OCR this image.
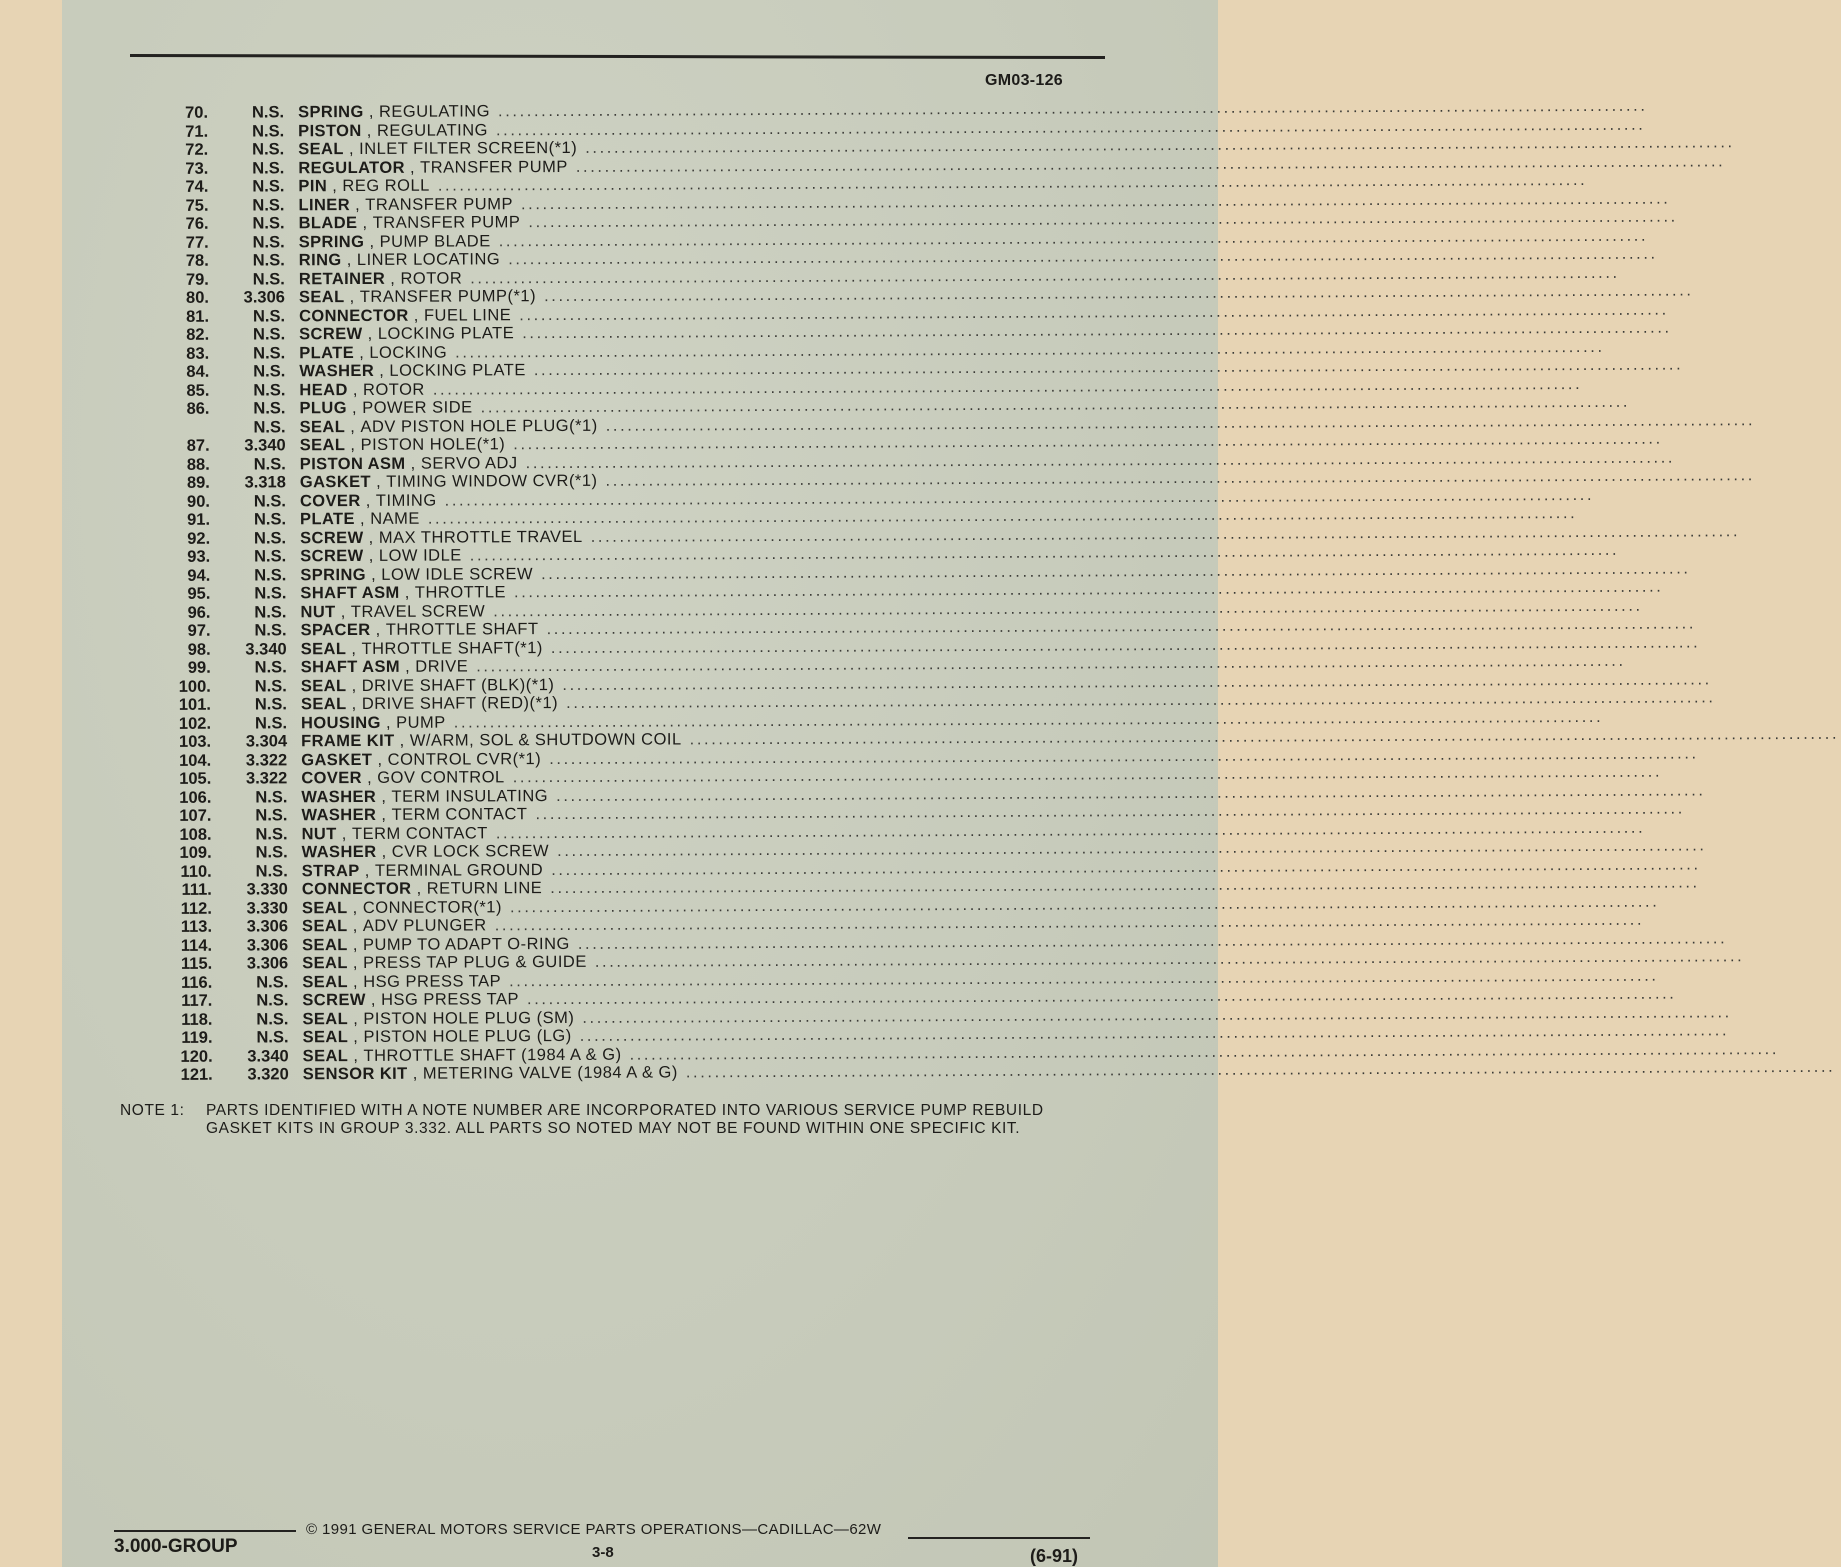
GM03-126
70.	N.S. SPRING , REGULATING ................................................................................................................................................................
71.	N.S. PISTON , REGULATING ................................................................................................................................................................
72.	N.S. SEAL , INLET FILTER SCREEN(*1) ................................................................................................................................................................
73.	N.S. REGULATOR , TRANSFER PUMP ................................................................................................................................................................
74.	N.S. PIN , REG ROLL ................................................................................................................................................................
75.	N.S. LINER , TRANSFER PUMP ................................................................................................................................................................
76.	N.S. BLADE , TRANSFER PUMP ................................................................................................................................................................
77.	N.S. SPRING , PUMP BLADE ................................................................................................................................................................
78.	N.S. RING , LINER LOCATING ................................................................................................................................................................
79.	N.S. RETAINER , ROTOR ................................................................................................................................................................
80.	3.306 SEAL , TRANSFER PUMP(*1) ................................................................................................................................................................
81.	N.S. CONNECTOR , FUEL LINE ................................................................................................................................................................
82.	N.S. SCREW , LOCKING PLATE ................................................................................................................................................................
83.	N.S. PLATE , LOCKING ................................................................................................................................................................
84.	N.S. WASHER , LOCKING PLATE ................................................................................................................................................................
85.	N.S. HEAD , ROTOR ................................................................................................................................................................
86.	N.S. PLUG , POWER SIDE ................................................................................................................................................................
N.S. SEAL , ADV PISTON HOLE PLUG(*1) ................................................................................................................................................................
87.	3.340 SEAL , PISTON HOLE(*1) ................................................................................................................................................................
88.	N.S. PISTON ASM , SERVO ADJ ................................................................................................................................................................
89.	3.318 GASKET , TIMING WINDOW CVR(*1) ................................................................................................................................................................
90.	N.S. COVER , TIMING ................................................................................................................................................................
91.	N.S. PLATE , NAME ................................................................................................................................................................
92.	N.S. SCREW , MAX THROTTLE TRAVEL ................................................................................................................................................................
93.	N.S. SCREW , LOW IDLE ................................................................................................................................................................
94.	N.S. SPRING , LOW IDLE SCREW ................................................................................................................................................................
95.	N.S. SHAFT ASM , THROTTLE ................................................................................................................................................................
96.	N.S. NUT , TRAVEL SCREW ................................................................................................................................................................
97.	N.S. SPACER , THROTTLE SHAFT ................................................................................................................................................................
98.	3.340 SEAL , THROTTLE SHAFT(*1) ................................................................................................................................................................
99.	N.S. SHAFT ASM , DRIVE ................................................................................................................................................................
100.	N.S. SEAL , DRIVE SHAFT (BLK)(*1) ................................................................................................................................................................
101.	N.S. SEAL , DRIVE SHAFT (RED)(*1) ................................................................................................................................................................
102.	N.S. HOUSING , PUMP ................................................................................................................................................................
103.	3.304 FRAME KIT , W/ARM, SOL & SHUTDOWN COIL ................................................................................................................................................................
104.	3.322 GASKET , CONTROL CVR(*1) ................................................................................................................................................................
105.	3.322 COVER , GOV CONTROL ................................................................................................................................................................
106.	N.S. WASHER , TERM INSULATING ................................................................................................................................................................
107.	N.S. WASHER , TERM CONTACT ................................................................................................................................................................
108.	N.S. NUT , TERM CONTACT ................................................................................................................................................................
109.	N.S. WASHER , CVR LOCK SCREW ................................................................................................................................................................
110.	N.S. STRAP , TERMINAL GROUND ................................................................................................................................................................
111.	3.330 CONNECTOR , RETURN LINE ................................................................................................................................................................
112.	3.330 SEAL , CONNECTOR(*1) ................................................................................................................................................................
113.	3.306 SEAL , ADV PLUNGER ................................................................................................................................................................
114.	3.306 SEAL , PUMP TO ADAPT O-RING ................................................................................................................................................................
115.	3.306 SEAL , PRESS TAP PLUG & GUIDE ................................................................................................................................................................
116.	N.S. SEAL , HSG PRESS TAP ................................................................................................................................................................
117.	N.S. SCREW , HSG PRESS TAP ................................................................................................................................................................
118.	N.S. SEAL , PISTON HOLE PLUG (SM) ................................................................................................................................................................
119.	N.S. SEAL , PISTON HOLE PLUG (LG) ................................................................................................................................................................
120.	3.340 SEAL , THROTTLE SHAFT (1984 A & G) ................................................................................................................................................................
121.	3.320 SENSOR KIT , METERING VALVE (1984 A & G) ................................................................................................................................................................
NOTE 1: PARTS IDENTIFIED WITH A NOTE NUMBER ARE INCORPORATED INTO VARIOUS SERVICE PUMP REBUILD GASKET KITS IN GROUP 3.332. ALL PARTS SO NOTED MAY NOT BE FOUND WITHIN ONE SPECIFIC KIT.
© 1991 GENERAL MOTORS SERVICE PARTS OPERATIONS—CADILLAC—62W
3.000-GROUP	3-8	(6-91)
